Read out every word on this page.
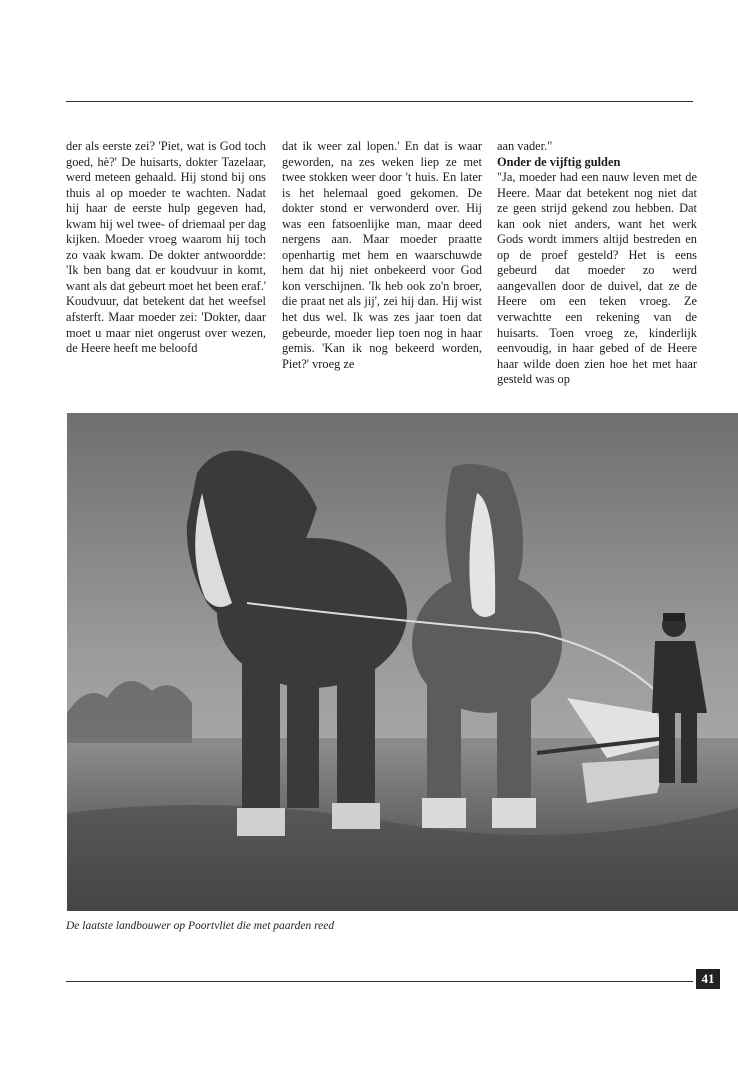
der als eerste zei? 'Piet, wat is God toch goed, hè?' De huisarts, dokter Tazelaar, werd meteen gehaald. Hij stond bij ons thuis al op moeder te wachten. Nadat hij haar de eerste hulp gegeven had, kwam hij wel twee- of driemaal per dag kijken. Moeder vroeg waarom hij toch zo vaak kwam. De dokter antwoordde: 'Ik ben bang dat er koudvuur in komt, want als dat gebeurt moet het been eraf.' Koudvuur, dat betekent dat het weefsel afsterft. Maar moeder zei: 'Dokter, daar moet u maar niet ongerust over wezen, de Heere heeft me beloofd

dat ik weer zal lopen.' En dat is waar geworden, na zes weken liep ze met twee stokken weer door 't huis. En later is het helemaal goed gekomen. De dokter stond er verwonderd over. Hij was een fatsoenlijke man, maar deed nergens aan. Maar moeder praatte openhartig met hem en waarschuwde hem dat hij niet onbekeerd voor God kon verschijnen. 'Ik heb ook zo'n broer, die praat net als jij', zei hij dan. Hij wist het dus wel. Ik was zes jaar toen dat gebeurde, moeder liep toen nog in haar gemis. 'Kan ik nog bekeerd worden, Piet?' vroeg ze

aan vader."

Onder de vijftig gulden

"Ja, moeder had een nauw leven met de Heere. Maar dat betekent nog niet dat ze geen strijd gekend zou hebben. Dat kan ook niet anders, want het werk Gods wordt immers altijd bestreden en op de proef gesteld? Het is eens gebeurd dat moeder zo werd aangevallen door de duivel, dat ze de Heere om een teken vroeg. Ze verwachtte een rekening van de huisarts. Toen vroeg ze, kinderlijk eenvoudig, in haar gebed of de Heere haar wilde doen zien hoe het met haar gesteld was op

De laatste landbouwer op Poortvliet die met paarden reed
41
